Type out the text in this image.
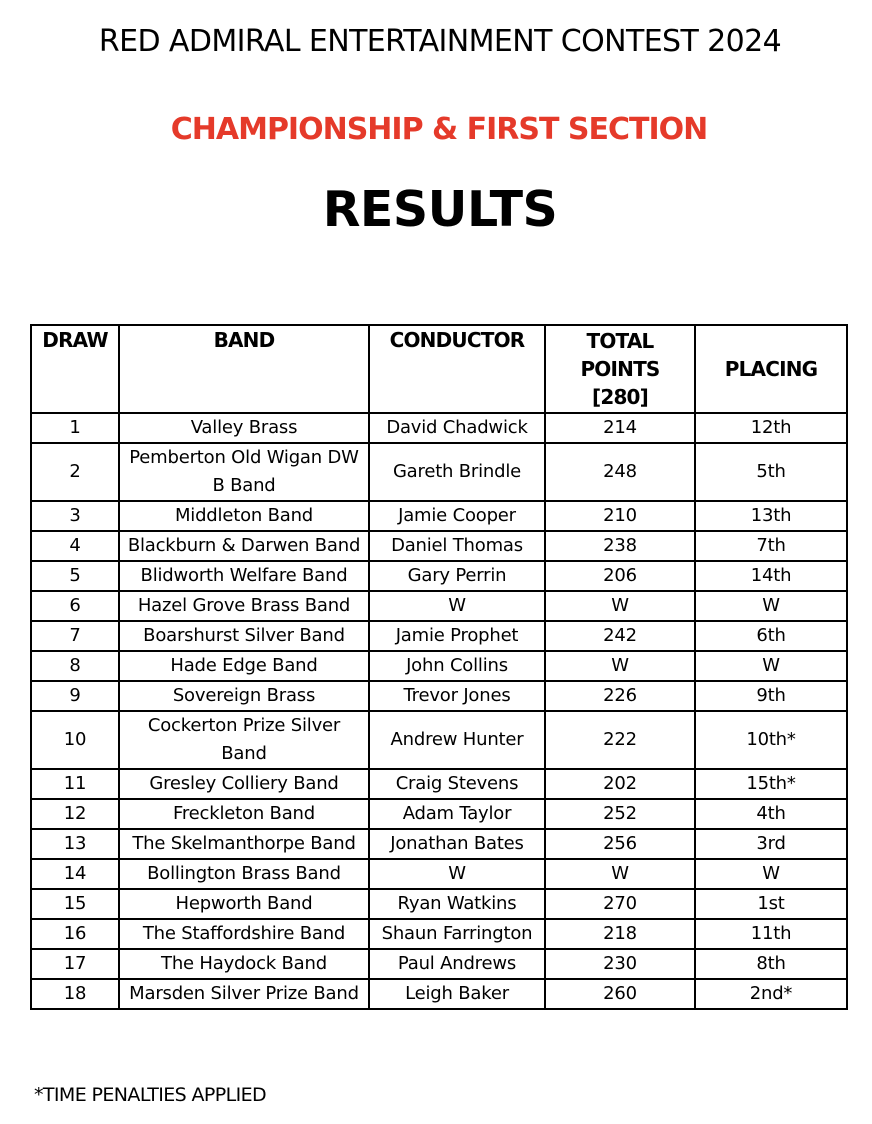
RED ADMIRAL ENTERTAINMENT CONTEST 2024
CHAMPIONSHIP & FIRST SECTION
RESULTS
DRAW	BAND	CONDUCTOR	TOTAL POINTS [280]	PLACING
1	Valley Brass	David Chadwick	214	12th
2	Pemberton Old Wigan DW B Band	Gareth Brindle	248	5th
3	Middleton Band	Jamie Cooper	210	13th
4	Blackburn & Darwen Band	Daniel Thomas	238	7th
5	Blidworth Welfare Band	Gary Perrin	206	14th
6	Hazel Grove Brass Band	W	W	W
7	Boarshurst Silver Band	Jamie Prophet	242	6th
8	Hade Edge Band	John Collins	W	W
9	Sovereign Brass	Trevor Jones	226	9th
10	Cockerton Prize Silver Band	Andrew Hunter	222	10th*
11	Gresley Colliery Band	Craig Stevens	202	15th*
12	Freckleton Band	Adam Taylor	252	4th
13	The Skelmanthorpe Band	Jonathan Bates	256	3rd
14	Bollington Brass Band	W	W	W
15	Hepworth Band	Ryan Watkins	270	1st
16	The Staffordshire Band	Shaun Farrington	218	11th
17	The Haydock Band	Paul Andrews	230	8th
18	Marsden Silver Prize Band	Leigh Baker	260	2nd*
*TIME PENALTIES APPLIED
